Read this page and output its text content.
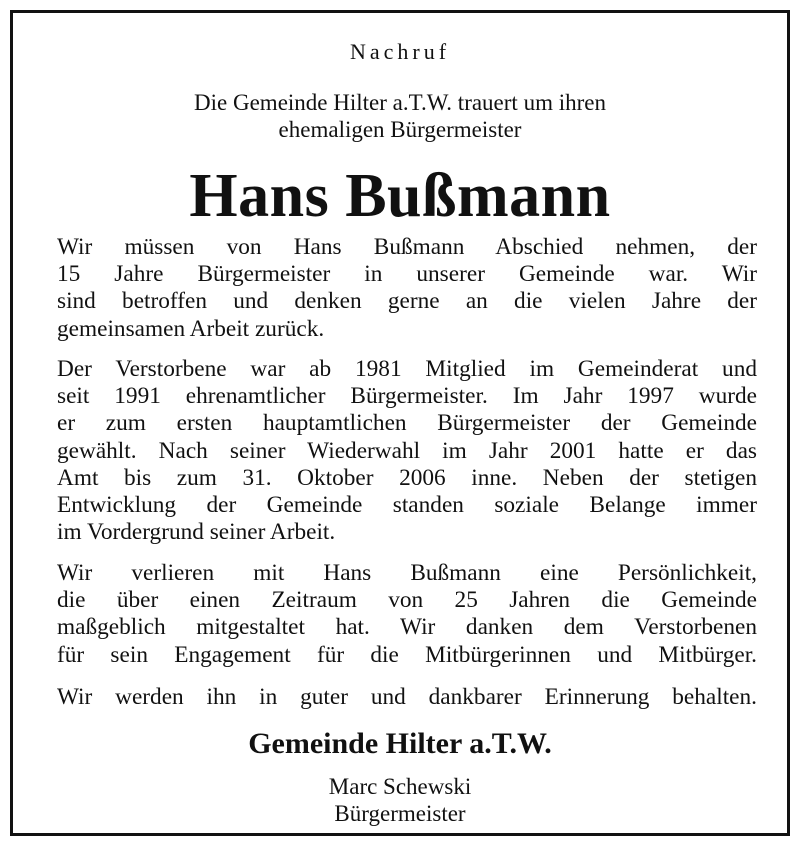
Nachruf
Die Gemeinde Hilter a.T.W. trauert um ihren
ehemaligen Bürgermeister
Hans Bußmann
Wir müssen von Hans Bußmann Abschied nehmen, der
15 Jahre Bürgermeister in unserer Gemeinde war. Wir
sind betroffen und denken gerne an die vielen Jahre der
gemeinsamen Arbeit zurück.
Der Verstorbene war ab 1981 Mitglied im Gemeinderat und
seit 1991 ehrenamtlicher Bürgermeister. Im Jahr 1997 wurde
er zum ersten hauptamtlichen Bürgermeister der Gemeinde
gewählt. Nach seiner Wiederwahl im Jahr 2001 hatte er das
Amt bis zum 31. Oktober 2006 inne. Neben der stetigen
Entwicklung der Gemeinde standen soziale Belange immer
im Vordergrund seiner Arbeit.
Wir verlieren mit Hans Bußmann eine Persönlichkeit,
die über einen Zeitraum von 25 Jahren die Gemeinde
maßgeblich mitgestaltet hat. Wir danken dem Verstorbenen
für sein Engagement für die Mitbürgerinnen und Mitbürger.
Wir werden ihn in guter und dankbarer Erinnerung behalten.
Gemeinde Hilter a.T.W.
Marc Schewski
Bürgermeister
